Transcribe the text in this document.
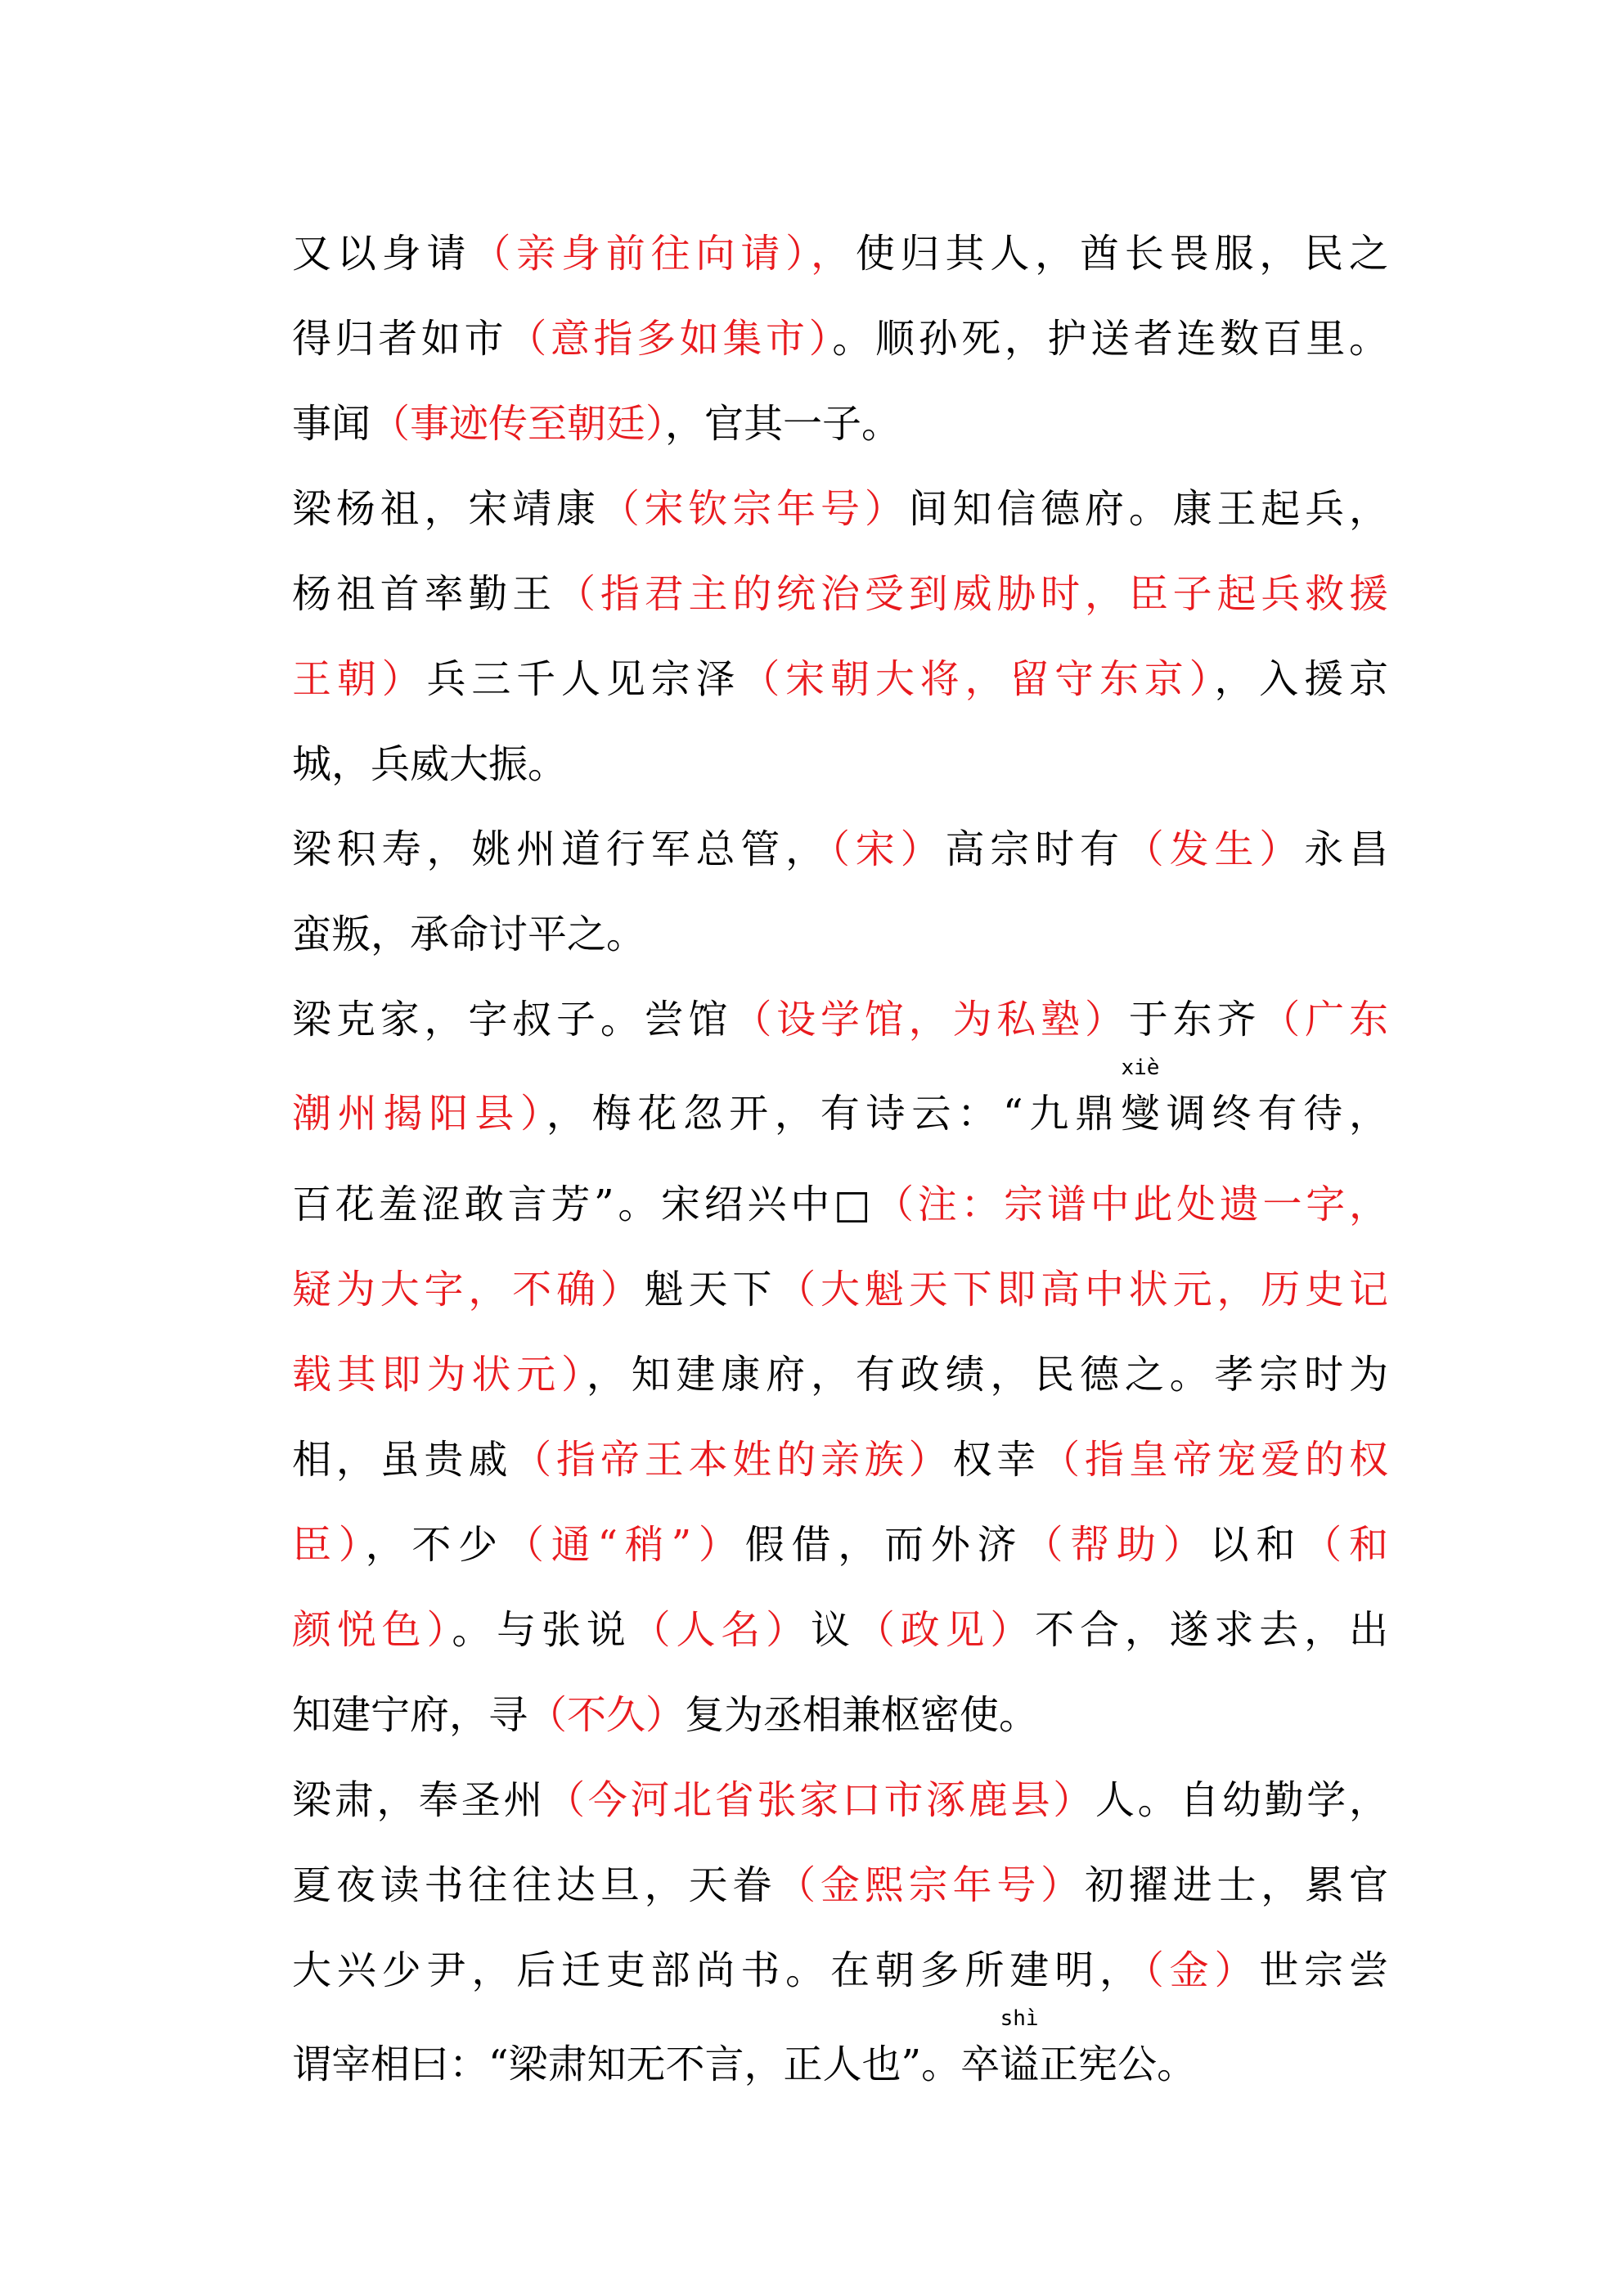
又以身请（亲身前往向请），使归其人，酋长畏服，民之
得归者如市（意指多如集市）。顺孙死，护送者连数百里。
事闻（事迹传至朝廷），官其一子。
梁杨祖，宋靖康（宋钦宗年号）间知信德府。康王起兵，
杨祖首率勤王（指君主的统治受到威胁时，臣子起兵救援
王朝）兵三千人见宗泽（宋朝大将，留守东京），入援京
城，兵威大振。
梁积寿，姚州道行军总管，（宋）高宗时有（发生）永昌
蛮叛，承命讨平之。
梁克家，字叔子。尝馆（设学馆，为私塾）于东齐（广东
潮州揭阳县），梅花忽开，有诗云：“九鼎
xiè
燮调终有待，
百花羞涩敢言芳”。宋绍兴中□（注：宗谱中此处遗一字，
疑为大字，不确）魁天下（大魁天下即高中状元，历史记
载其即为状元），知建康府，有政绩，民德之。孝宗时为
相，虽贵戚（指帝王本姓的亲族）权幸（指皇帝宠爱的权
臣），不少（通“稍”）假借，而外济（帮助）以和（和
颜悦色）。与张说（人名）议（政见）不合，遂求去，出
知建宁府，寻（不久）复为丞相兼枢密使。
梁肃，奉圣州（今河北省张家口市涿鹿县）人。自幼勤学，
夏夜读书往往达旦，天眷（金熙宗年号）初擢进士，累官
大兴少尹，后迁吏部尚书。在朝多所建明，（金）世宗尝
谓宰相曰：“梁肃知无不言，正人也”。卒
shì
谥正宪公。
